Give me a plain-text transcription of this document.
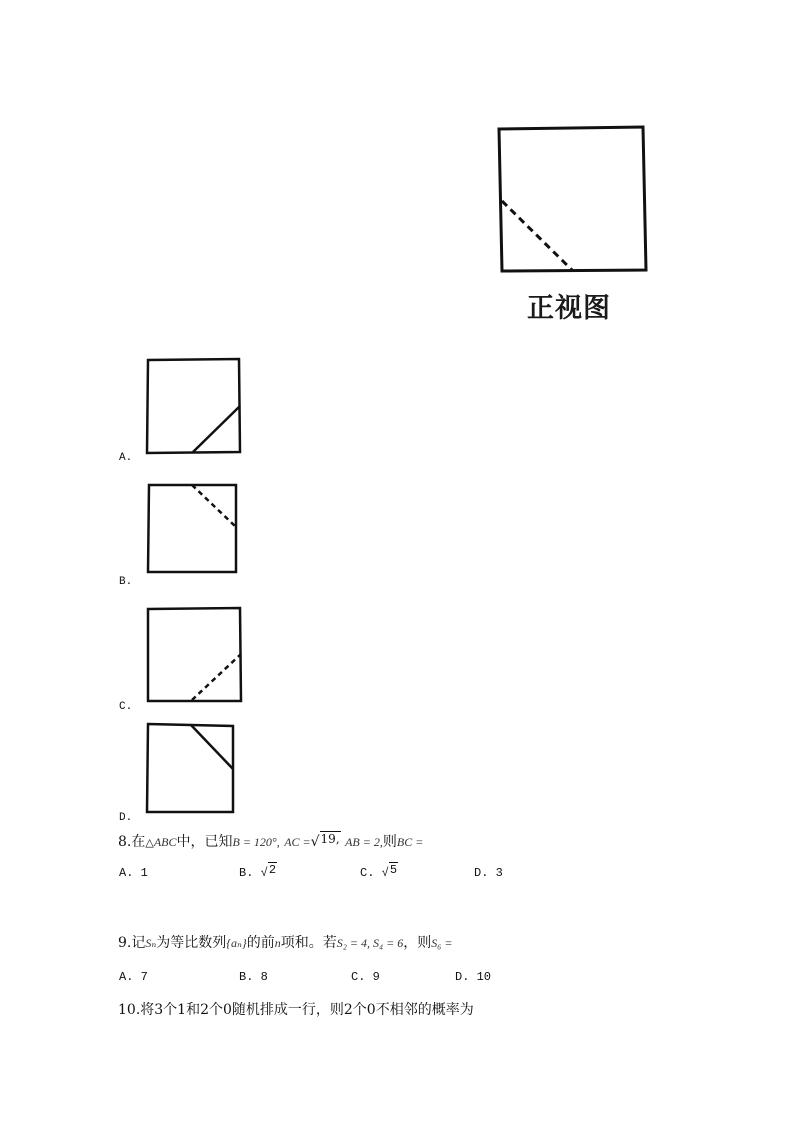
正视图
A.
B.
C.
D.
8.在△ABC中，已知B = 120°, AC =√19, AB = 2,则BC =
A. 1	B. √2	C. √5	D. 3
9.记Sₙ为等比数列{aₙ}的前n项和。若S₂ = 4, S₄ = 6，则S₆ =
A. 7	B. 8	C. 9	D. 10
10.将3个1和2个0随机排成一行，则2个0不相邻的概率为
